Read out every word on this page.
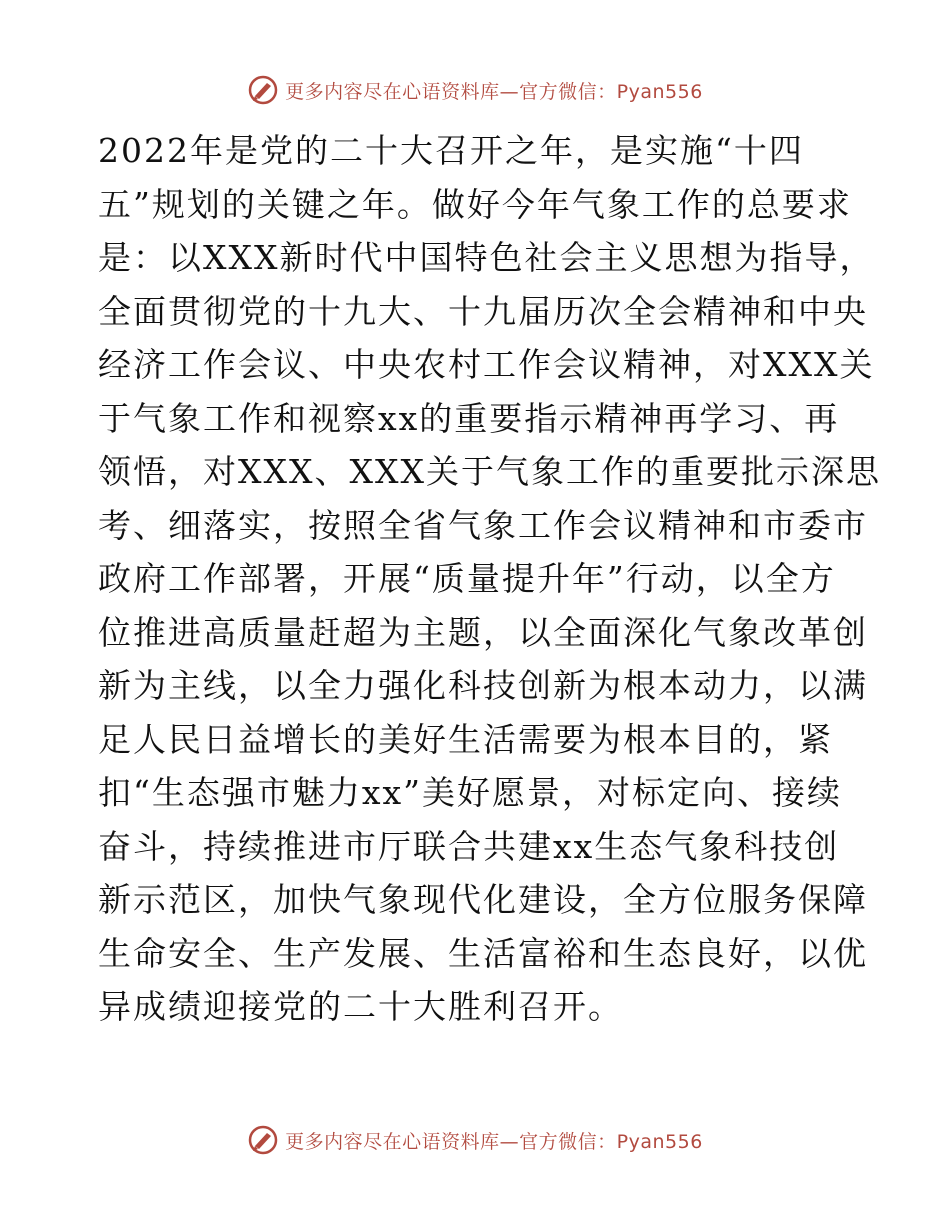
更多内容尽在心语资料库—官方微信：Pyan556
2022年是党的二十大召开之年，是实施“十四
五”规划的关键之年。做好今年气象工作的总要求
是：以XXX新时代中国特色社会主义思想为指导，
全面贯彻党的十九大、十九届历次全会精神和中央
经济工作会议、中央农村工作会议精神，对XXX关
于气象工作和视察xx的重要指示精神再学习、再
领悟，对XXX、XXX关于气象工作的重要批示深思
考、细落实，按照全省气象工作会议精神和市委市
政府工作部署，开展“质量提升年”行动，以全方
位推进高质量赶超为主题，以全面深化气象改革创
新为主线，以全力强化科技创新为根本动力，以满
足人民日益增长的美好生活需要为根本目的，紧
扣“生态强市魅力xx”美好愿景，对标定向、接续
奋斗，持续推进市厅联合共建xx生态气象科技创
新示范区，加快气象现代化建设，全方位服务保障
生命安全、生产发展、生活富裕和生态良好，以优
异成绩迎接党的二十大胜利召开。
更多内容尽在心语资料库—官方微信：Pyan556
